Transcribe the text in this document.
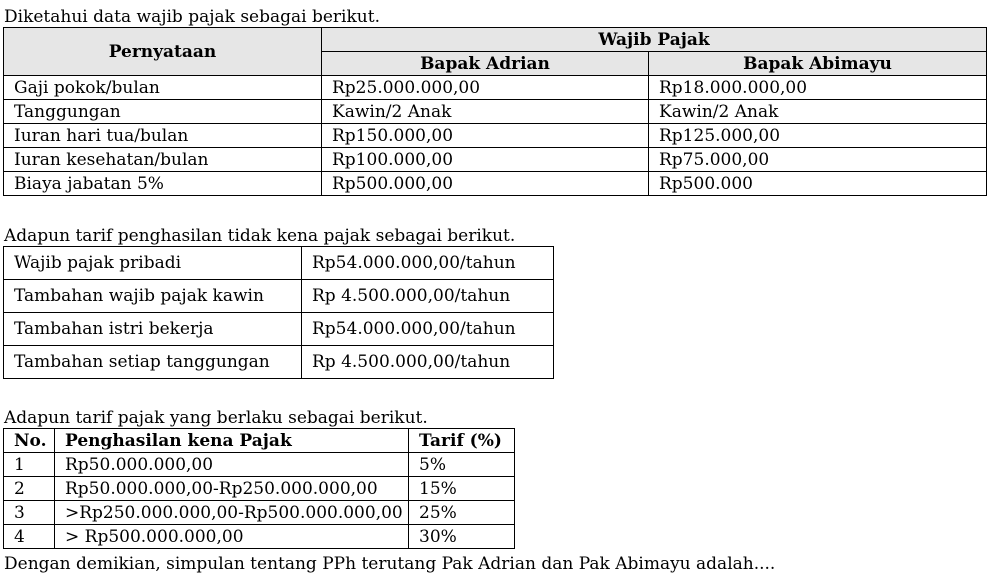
Diketahui data wajib pajak sebagai berikut.
Pernyataan	Wajib Pajak	
	Bapak Adrian	Bapak Abimayu
Gaji pokok/bulan	Rp25.000.000,00	Rp18.000.000,00
Tanggungan	Kawin/2 Anak	Kawin/2 Anak
Iuran hari tua/bulan	Rp150.000,00	Rp125.000,00
Iuran kesehatan/bulan	Rp100.000,00	Rp75.000,00
Biaya jabatan 5%	Rp500.000,00	Rp500.000
Adapun tarif penghasilan tidak kena pajak sebagai berikut.
Wajib pajak pribadi	Rp54.000.000,00/tahun
Tambahan wajib pajak kawin	Rp 4.500.000,00/tahun
Tambahan istri bekerja	Rp54.000.000,00/tahun
Tambahan setiap tanggungan	Rp 4.500.000,00/tahun
Adapun tarif pajak yang berlaku sebagai berikut.
No.	Penghasilan kena Pajak	Tarif (%)
1	Rp50.000.000,00	5%
2	Rp50.000.000,00-Rp250.000.000,00	15%
3	>Rp250.000.000,00-Rp500.000.000,00	25%
4	> Rp500.000.000,00	30%
Dengan demikian, simpulan tentang PPh terutang Pak Adrian dan Pak Abimayu adalah....
